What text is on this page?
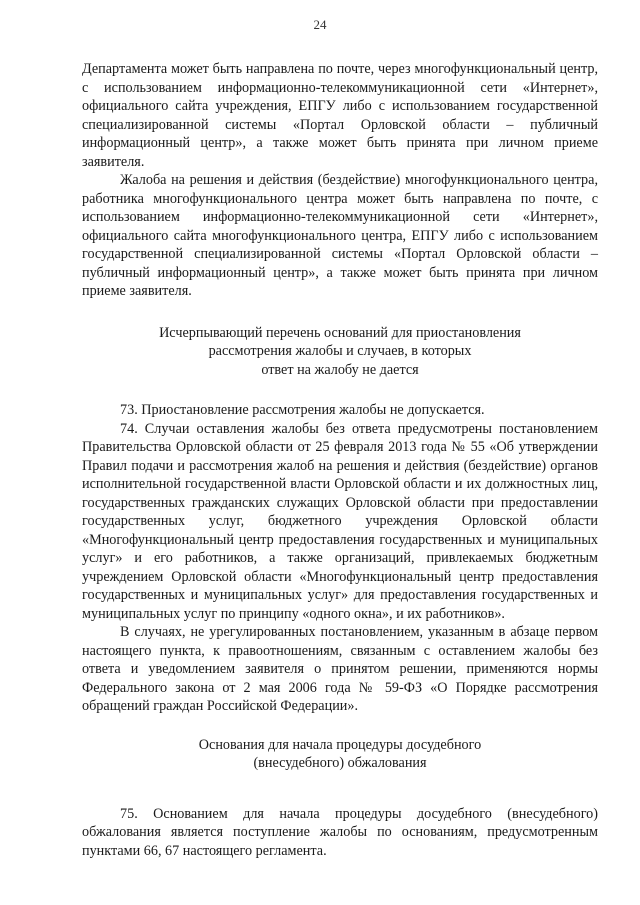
24

Департамента может быть направлена по почте, через многофункциональный центр, с использованием информационно-телекоммуникационной сети «Интернет», официального сайта учреждения, ЕПГУ либо с использованием государственной специализированной системы «Портал Орловской области – публичный информационный центр», а также может быть принята при личном приеме заявителя.

Жалоба на решения и действия (бездействие) многофункционального центра, работника многофункционального центра может быть направлена по почте, с использованием информационно-телекоммуникационной сети «Интернет», официального сайта многофункционального центра, ЕПГУ либо с использованием государственной специализированной системы «Портал Орловской области – публичный информационный центр», а также может быть принята при личном приеме заявителя.

Исчерпывающий перечень оснований для приостановления
рассмотрения жалобы и случаев, в которых
ответ на жалобу не дается

73. Приостановление рассмотрения жалобы не допускается.

74. Случаи оставления жалобы без ответа предусмотрены постановлением Правительства Орловской области от 25 февраля 2013 года № 55 «Об утверждении Правил подачи и рассмотрения жалоб на решения и действия (бездействие) органов исполнительной государственной власти Орловской области и их должностных лиц, государственных гражданских служащих Орловской области при предоставлении государственных услуг, бюджетного учреждения Орловской области «Многофункциональный центр предоставления государственных и муниципальных услуг» и его работников, а также организаций, привлекаемых бюджетным учреждением Орловской области «Многофункциональный центр предоставления государственных и муниципальных услуг» для предоставления государственных и муниципальных услуг по принципу «одного окна», и их работников».

В случаях, не урегулированных постановлением, указанным в абзаце первом настоящего пункта, к правоотношениям, связанным с оставлением жалобы без ответа и уведомлением заявителя о принятом решении, применяются нормы Федерального закона от 2 мая 2006 года № 59-ФЗ «О Порядке рассмотрения обращений граждан Российской Федерации».

Основания для начала процедуры досудебного
(внесудебного) обжалования

75. Основанием для начала процедуры досудебного (внесудебного) обжалования является поступление жалобы по основаниям, предусмотренным пунктами 66, 67 настоящего регламента.
